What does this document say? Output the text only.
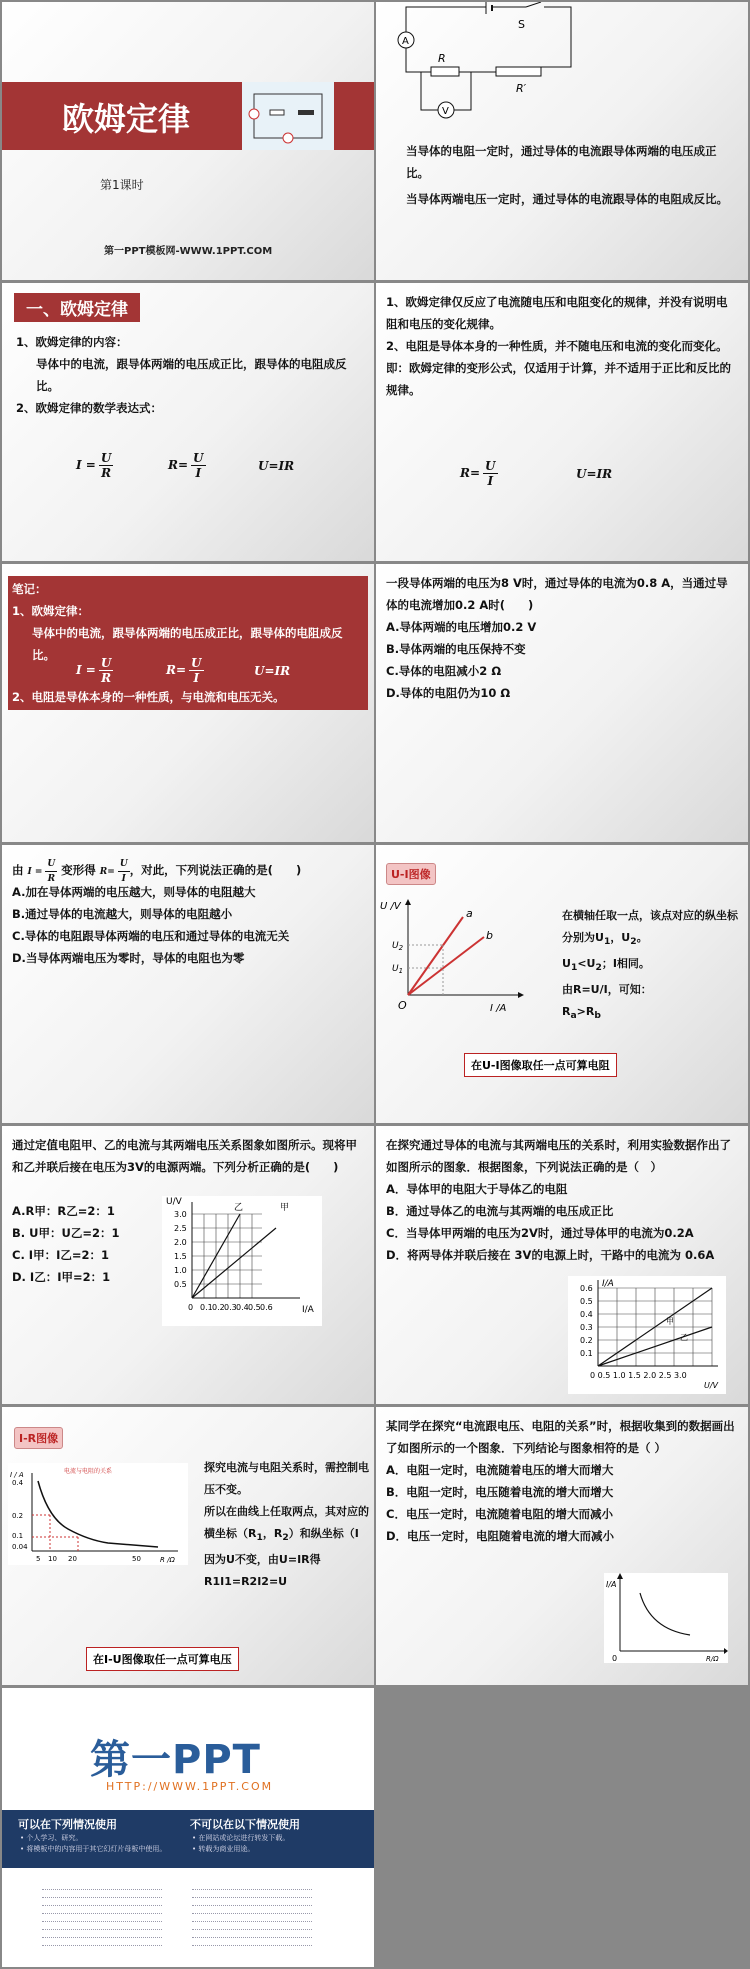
欧姆定律
第1课时
第一PPT模板网-WWW.1PPT.COM
A
V
R
R′
S

当导体的电阻一定时，通过导体的电流跟导体两端的电压成正比。

当导体两端电压一定时，通过导体的电流跟导体的电阻成反比。

一、欧姆定律

1、欧姆定律的内容：

导体中的电流，跟导体两端的电压成正比，跟导体的电阻成反比。

2、欧姆定律的数学表达式：

$I = \frac{U}{R}$	$R= \frac{U}{I}$	U=IR

1、欧姆定律仅反应了电流随电压和电阻变化的规律，并没有说明电阻和电压的变化规律。

2、电阻是导体本身的一种性质，并不随电压和电流的变化而变化。

即：欧姆定律的变形公式，仅适用于计算，并不适用于正比和反比的规律。

$R= \frac{U}{I}$	U=IR

笔记：

1、欧姆定律：

导体中的电流，跟导体两端的电压成正比，跟导体的电阻成反比。

$I = \frac{U}{R}$	$R= \frac{U}{I}$	U=IR

2、电阻是导体本身的一种性质，与电流和电压无关。

一段导体两端的电压为8 V时，通过导体的电流为0.8 A，当通过导体的电流增加0.2 A时(　　)

A.导体两端的电压增加0.2 V

B.导体两端的电压保持不变

C.导体的电阻减小2 Ω

D.导体的电阻仍为10 Ω

由 $I = \frac{U}{R}$ 变形得 $R= \frac{U}{I}$ ，对此，下列说法正确的是(　　)

A.加在导体两端的电压越大，则导体的电阻越大

B.通过导体的电流越大，则导体的电阻越小

C.导体的电阻跟导体两端的电压和通过导体的电流无关

D.当导体两端电压为零时，导体的电阻也为零

U-I图像
U /V
I /A
O
a
b
$U_2$
$U_1$

在横轴任取一点，该点对应的纵坐标分别为$U_1$，$U_2$。

$U_1<U_2$；I相同。

由R=U/I，可知：

$R_a>R_b$

在U-I图像取任一点可算电阻

通过定值电阻甲、乙的电流与其两端电压关系图象如图所示。现将甲和乙并联后接在电压为3V的电源两端。下列分析正确的是(　　)

A.R甲：R乙=2：1

B. U甲：U乙=2：1

C. I甲：I乙=2：1

D. I乙：I甲=2：1

U/V
I/A
乙	甲
3.0
2.5
2.0
1.5
1.0
0.5
0 0.1 0.2 0.3 0.4 0.5 0.6

在探究通过导体的电流与其两端电压的关系时，利用实验数据作出了如图所示的图象．根据图象，下列说法正确的是（　）

A．导体甲的电阻大于导体乙的电阻

B．通过导体乙的电流与其两端的电压成正比

C．当导体甲两端的电压为2V时，通过导体甲的电流为0.2A

D．将两导体并联后接在 3V的电源上时，干路中的电流为 0.6A

I/A
U/V
甲
乙
0.6
0.5
0.4
0.3
0.2
0.1
0 0.5 1.0 1.5 2.0 2.5 3.0
I-R图像
电流与电阻的关系
I / A
R /Ω
0.4
0.2
0.1
0.04
5 10 20	50

探究电流与电阻关系时，需控制电压不变。

所以在曲线上任取两点，其对应的横坐标（$R_1$，$R_2$）和纵坐标（I

因为U不变，由U=IR得

R1I1=R2I2=U

在I-U图像取任一点可算电压

某同学在探究“电流跟电压、电阻的关系”时，根据收集到的数据画出了如图所示的一个图象．下列结论与图象相符的是（ ）

A．电阻一定时，电流随着电压的增大而增大

B．电阻一定时，电压随着电流的增大而增大

C．电压一定时，电流随着电阻的增大而减小

D．电压一定时，电阻随着电流的增大而减小

I/A
R/Ω
0
第一PPT
HTTP://WWW.1PPT.COM
可以在下列情况使用
• 个人学习、研究。
• 将模板中的内容用于其它幻灯片母板中使用。
不可以在以下情况使用
• 在网站或论坛进行转发下载。
• 转载为商业用途。
